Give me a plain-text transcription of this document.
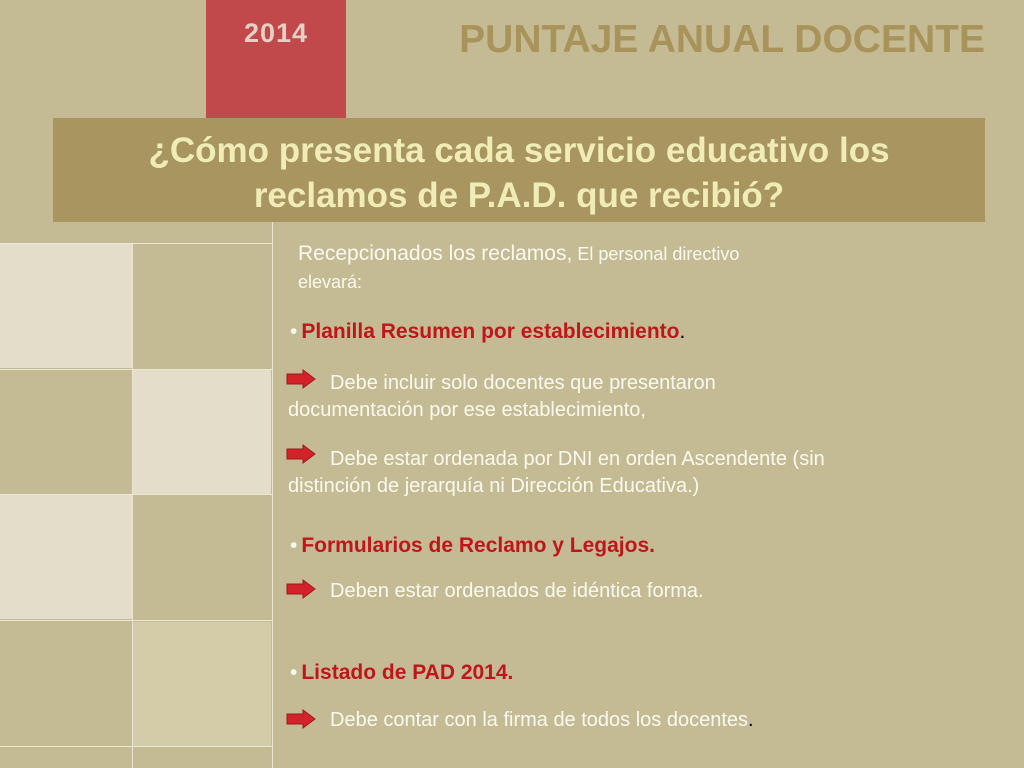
2014	PUNTAJE ANUAL DOCENTE
¿Cómo presenta cada servicio educativo los
reclamos de P.A.D. que recibió?
Recepcionados los reclamos, El personal directivo
elevará:
• Planilla Resumen por establecimiento.
Debe incluir solo docentes que presentaron
documentación por ese establecimiento,
Debe estar ordenada por DNI en orden Ascendente (sin
distinción de jerarquía ni Dirección Educativa.)
• Formularios de Reclamo y Legajos.
Deben estar ordenados de idéntica forma.
• Listado de PAD 2014.
Debe contar con la firma de todos los docentes.
